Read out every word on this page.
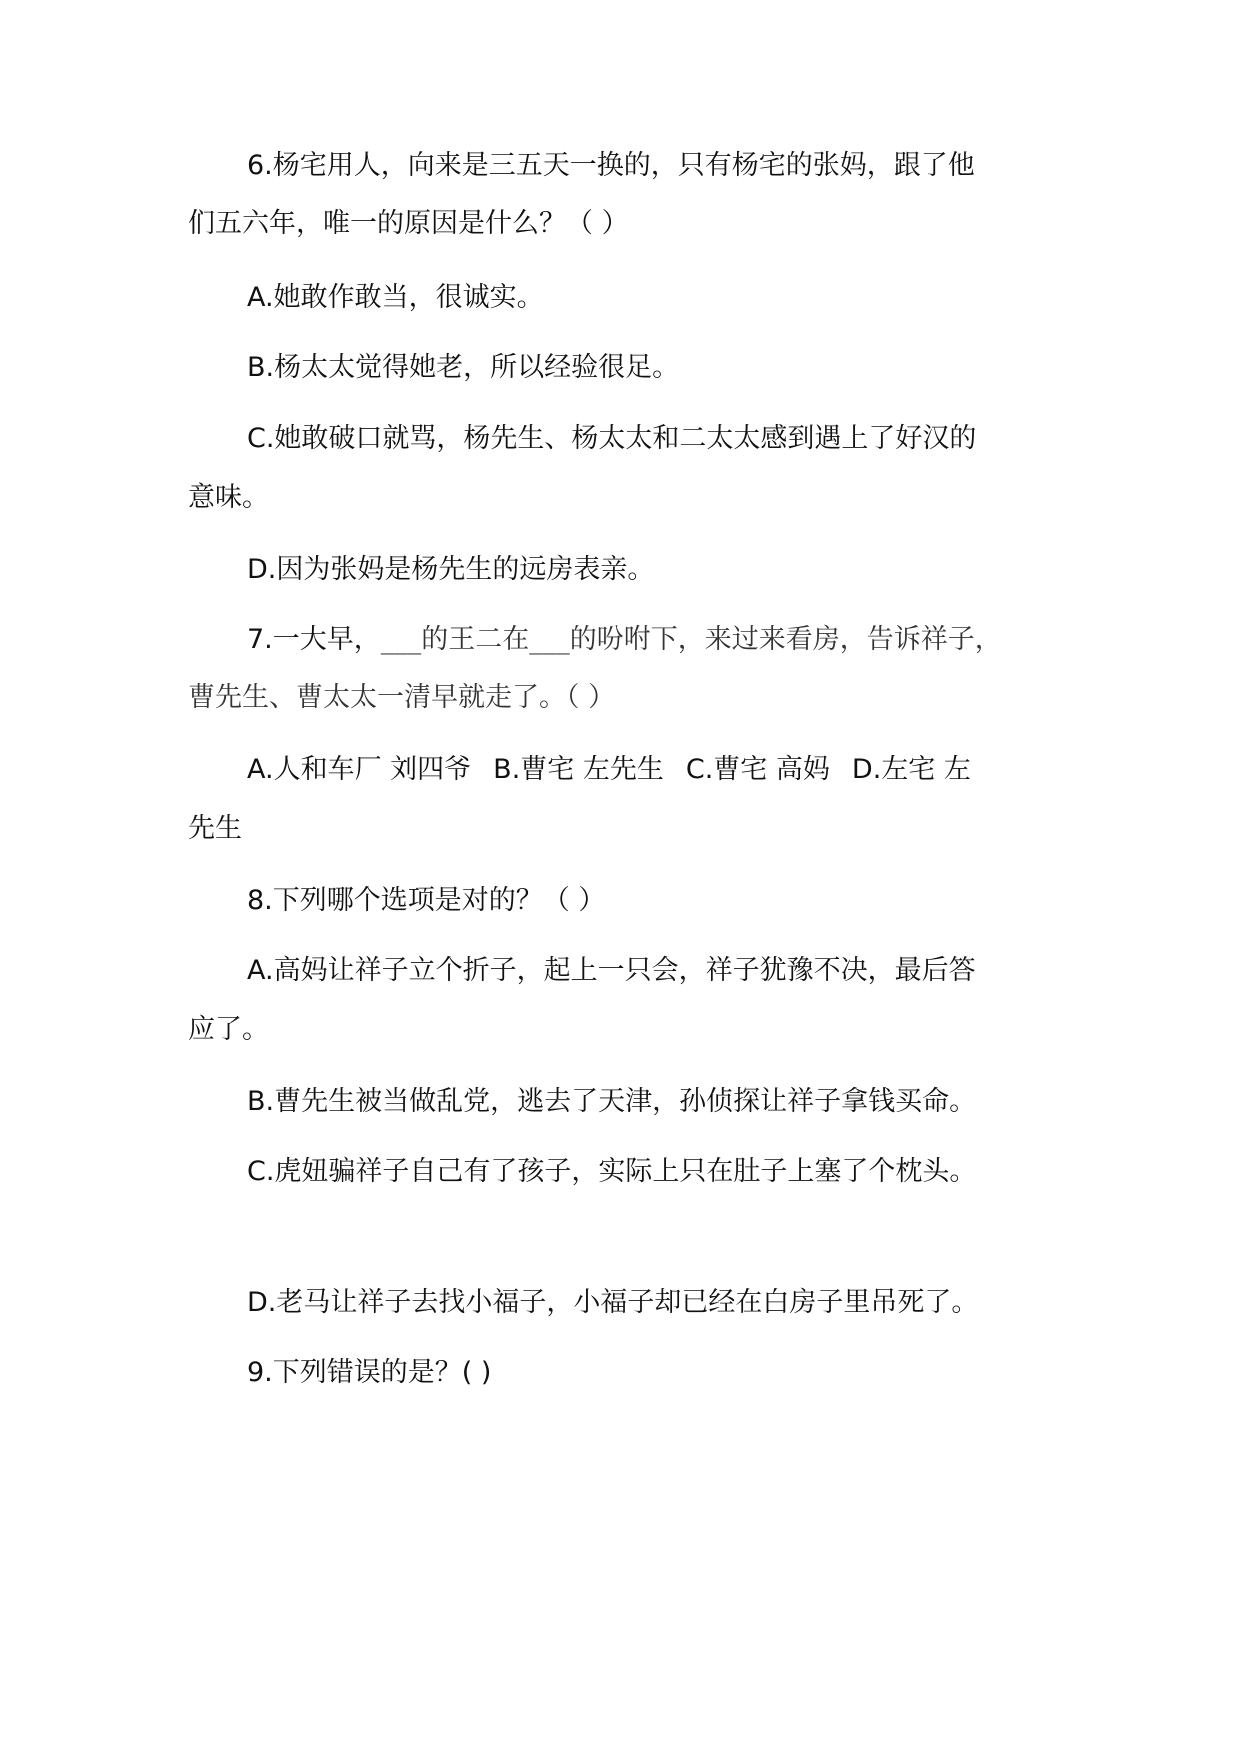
6.杨宅用人，向来是三五天一换的，只有杨宅的张妈，跟了他
们五六年，唯一的原因是什么？（ ）
A.她敢作敢当，很诚实。
B.杨太太觉得她老，所以经验很足。
C.她敢破口就骂，杨先生、杨太太和二太太感到遇上了好汉的
意味。
D.因为张妈是杨先生的远房表亲。
7.一大早，___的王二在___的吩咐下，来过来看房，告诉祥子，
曹先生、曹太太一清早就走了。（ ）
A.人和车厂 刘四爷 B.曹宅 左先生 C.曹宅 高妈 D.左宅 左
先生
8.下列哪个选项是对的？（ ）
A.高妈让祥子立个折子，起上一只会，祥子犹豫不决，最后答
应了。
B.曹先生被当做乱党，逃去了天津，孙侦探让祥子拿钱买命。
C.虎妞骗祥子自己有了孩子，实际上只在肚子上塞了个枕头。
D.老马让祥子去找小福子，小福子却已经在白房子里吊死了。
9.下列错误的是？( )
